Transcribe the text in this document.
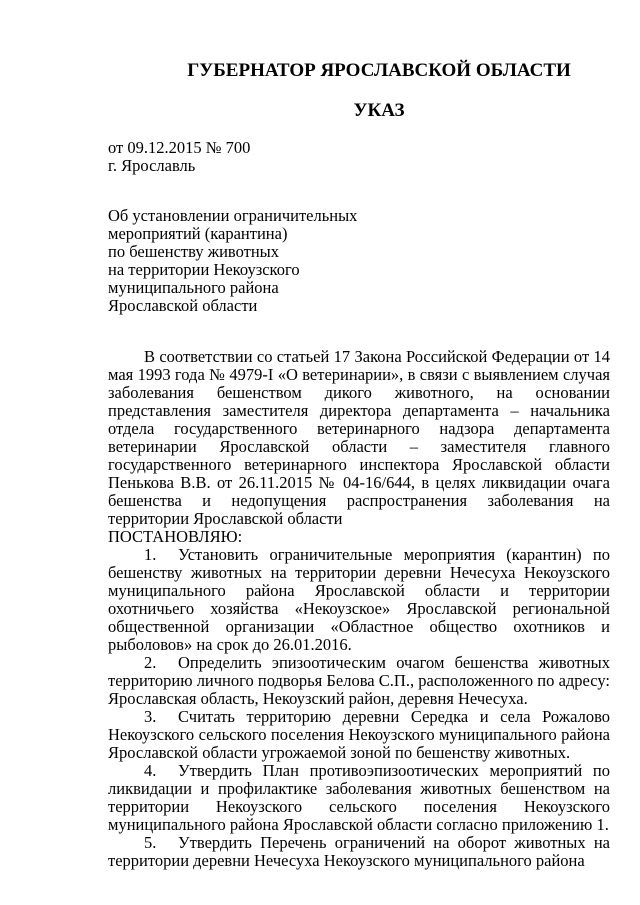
ГУБЕРНАТОР ЯРОСЛАВСКОЙ ОБЛАСТИ
УКАЗ
от 09.12.2015 № 700
г. Ярославль
Об установлении ограничительных
мероприятий (карантина)
по бешенству животных
на территории Некоузского
муниципального района
Ярославской области

В соответствии со статьей 17 Закона Российской Федерации от 14 мая 1993 года № 4979-I «О ветеринарии», в связи с выявлением случая заболевания бешенством дикого животного, на основании представления заместителя директора департамента – начальника отдела государственного ветеринарного надзора департамента ветеринарии Ярославской области – заместителя главного государственного ветеринарного инспектора Ярославской области Пенькова В.В. от 26.11.2015 № 04-16/644, в целях ликвидации очага бешенства и недопущения распространения заболевания на территории Ярославской области

ПОСТАНОВЛЯЮ:

1. Установить ограничительные мероприятия (карантин) по бешенству животных на территории деревни Нечесуха Некоузского муниципального района Ярославской области и территории охотничьего хозяйства «Некоузское» Ярославской региональной общественной организации «Областное общество охотников и рыболовов» на срок до 26.01.2016.

2. Определить эпизоотическим очагом бешенства животных территорию личного подворья Белова С.П., расположенного по адресу: Ярославская область, Некоузский район, деревня Нечесуха.

3. Считать территорию деревни Середка и села Рожалово Некоузского сельского поселения Некоузского муниципального района Ярославской области угрожаемой зоной по бешенству животных.

4. Утвердить План противоэпизоотических мероприятий по ликвидации и профилактике заболевания животных бешенством на территории Некоузского сельского поселения Некоузского муниципального района Ярославской области согласно приложению 1.

5. Утвердить Перечень ограничений на оборот животных на территории деревни Нечесуха Некоузского муниципального района
